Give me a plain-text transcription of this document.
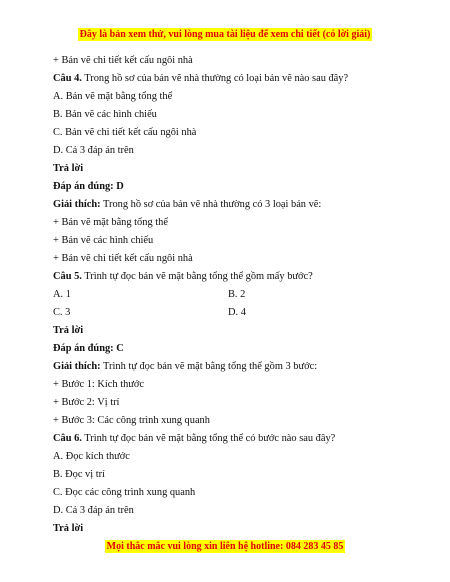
Đây là bản xem thử, vui lòng mua tài liệu để xem chi tiết (có lời giải)
+ Bản vẽ chi tiết kết cấu ngôi nhà
Câu 4. Trong hồ sơ của bản vẽ nhà thường có loại bản vẽ nào sau đây?
A. Bản vẽ mặt bằng tổng thể
B. Bản vẽ các hình chiếu
C. Bản vẽ chi tiết kết cấu ngôi nhà
D. Cả 3 đáp án trên
Trả lời
Đáp án đúng: D
Giải thích: Trong hồ sơ của bản vẽ nhà thường có 3 loại bản vẽ:
+ Bản vẽ mặt bằng tổng thể
+ Bản vẽ các hình chiếu
+ Bản vẽ chi tiết kết cấu ngôi nhà
Câu 5. Trình tự đọc bản vẽ mặt bằng tổng thể gồm mấy bước?
A. 1	B. 2
C. 3	D. 4
Trả lời
Đáp án đúng: C
Giải thích: Trình tự đọc bản vẽ mặt bằng tổng thể gồm 3 bước:
+ Bước 1: Kích thước
+ Bước 2: Vị trí
+ Bước 3: Các công trình xung quanh
Câu 6. Trình tự đọc bản vẽ mặt bằng tổng thể có bước nào sau đây?
A. Đọc kích thước
B. Đọc vị trí
C. Đọc các công trình xung quanh
D. Cả 3 đáp án trên
Trả lời
Mọi thắc mắc vui lòng xin liên hệ hotline: 084 283 45 85
